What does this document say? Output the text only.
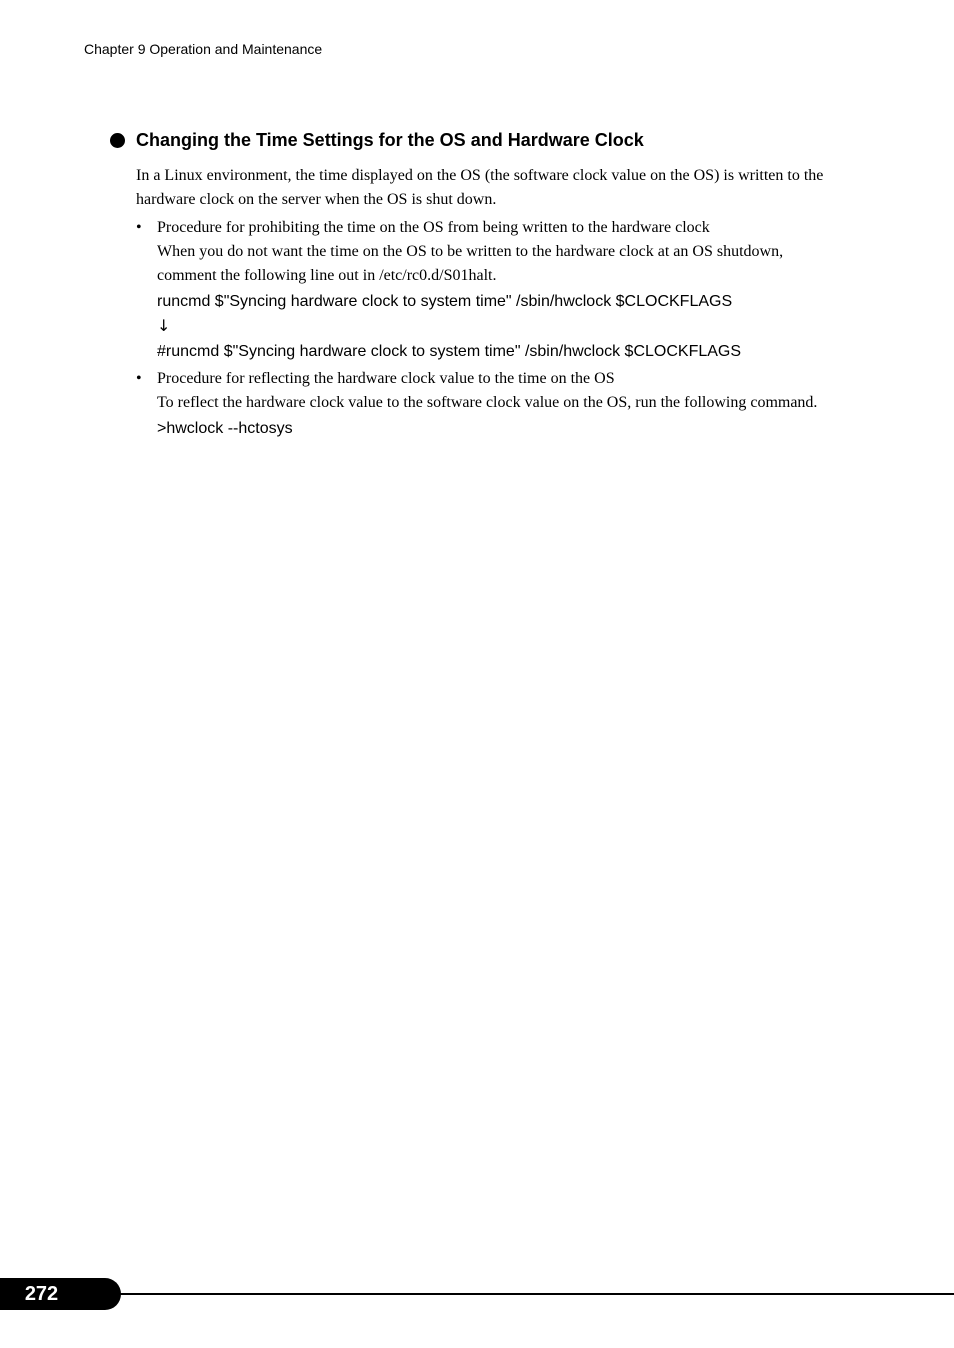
Chapter 9 Operation and Maintenance
Changing the Time Settings for the OS and Hardware Clock

In a Linux environment, the time displayed on the OS (the software clock value on the OS) is written to the hardware clock on the server when the OS is shut down.

• Procedure for prohibiting the time on the OS from being written to the hardware clock
When you do not want the time on the OS to be written to the hardware clock at an OS shutdown, comment the following line out in /etc/rc0.d/S01halt.
runcmd $"Syncing hardware clock to system time" /sbin/hwclock $CLOCKFLAGS
↓
#runcmd $"Syncing hardware clock to system time" /sbin/hwclock $CLOCKFLAGS
• Procedure for reflecting the hardware clock value to the time on the OS
To reflect the hardware clock value to the software clock value on the OS, run the following command.
>hwclock --hctosys
272
